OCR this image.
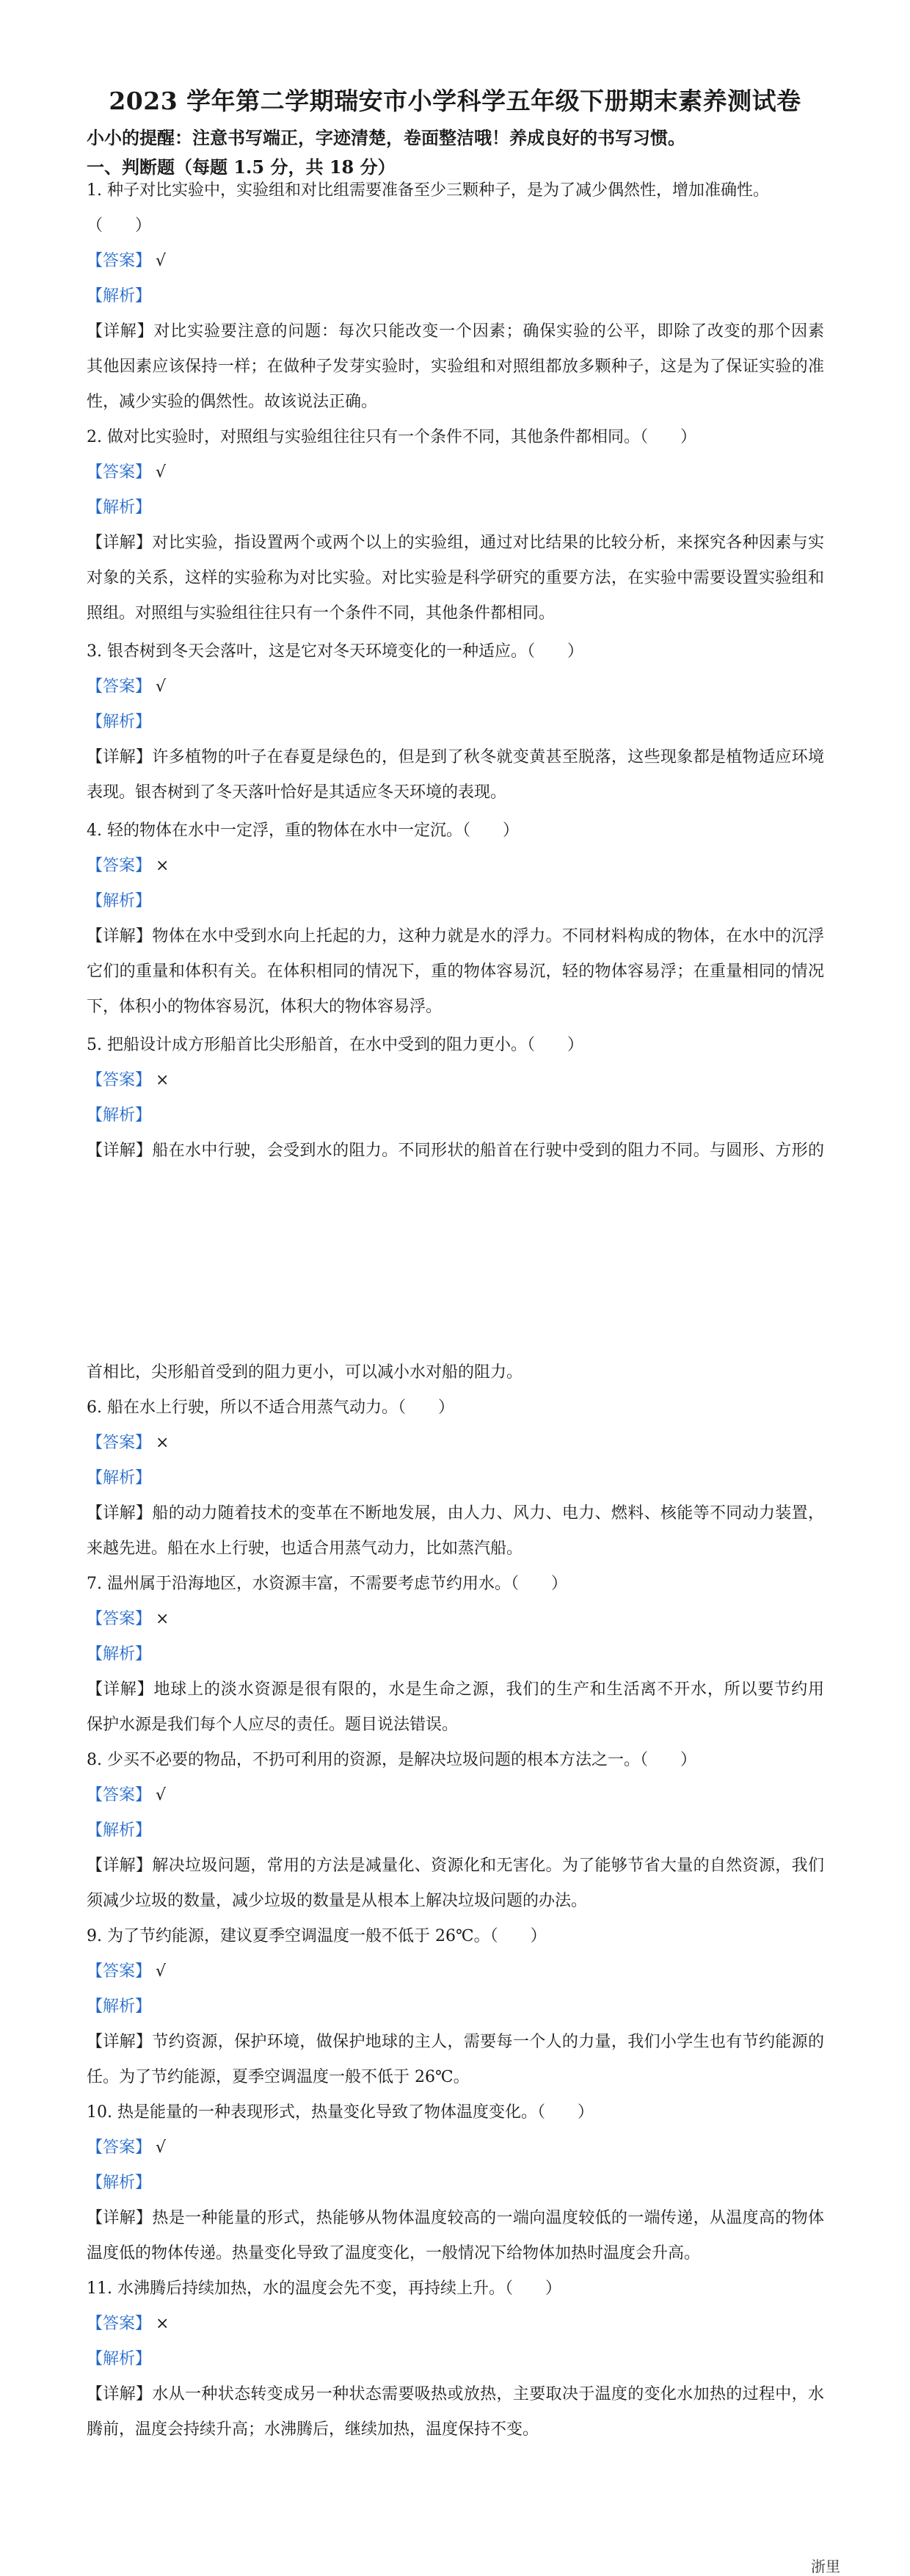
2023 学年第二学期瑞安市小学科学五年级下册期末素养测试卷
小小的提醒：注意书写端正，字迹清楚，卷面整洁哦！养成良好的书写习惯。
一、判断题（每题 1.5 分，共 18 分）
1. 种子对比实验中，实验组和对比组需要准备至少三颗种子，是为了减少偶然性，增加准确性。
（　　）
【答案】 √
【解析】
【详解】对比实验要注意的问题：每次只能改变一个因素；确保实验的公平，即除了改变的那个因素
其他因素应该保持一样；在做种子发芽实验时，实验组和对照组都放多颗种子，这是为了保证实验的准
性，减少实验的偶然性。故该说法正确。
2. 做对比实验时，对照组与实验组往往只有一个条件不同，其他条件都相同。（　　）
【答案】 √
【解析】
【详解】对比实验，指设置两个或两个以上的实验组，通过对比结果的比较分析，来探究各种因素与实
对象的关系，这样的实验称为对比实验。对比实验是科学研究的重要方法，在实验中需要设置实验组和
照组。对照组与实验组往往只有一个条件不同，其他条件都相同。
3. 银杏树到冬天会落叶，这是它对冬天环境变化的一种适应。（　　）
【答案】 √
【解析】
【详解】许多植物的叶子在春夏是绿色的，但是到了秋冬就变黄甚至脱落，这些现象都是植物适应环境
表现。银杏树到了冬天落叶恰好是其适应冬天环境的表现。
4. 轻的物体在水中一定浮，重的物体在水中一定沉。（　　）
【答案】 ×
【解析】
【详解】物体在水中受到水向上托起的力，这种力就是水的浮力。不同材料构成的物体，在水中的沉浮
它们的重量和体积有关。在体积相同的情况下，重的物体容易沉，轻的物体容易浮；在重量相同的情况
下，体积小的物体容易沉，体积大的物体容易浮。
5. 把船设计成方形船首比尖形船首，在水中受到的阻力更小。（　　）
【答案】 ×
【解析】
【详解】船在水中行驶，会受到水的阻力。不同形状的船首在行驶中受到的阻力不同。与圆形、方形的
首相比，尖形船首受到的阻力更小，可以减小水对船的阻力。
6. 船在水上行驶，所以不适合用蒸气动力。（　　）
【答案】 ×
【解析】
【详解】船的动力随着技术的变革在不断地发展，由人力、风力、电力、燃料、核能等不同动力装置，
来越先进。船在水上行驶，也适合用蒸气动力，比如蒸汽船。
7. 温州属于沿海地区，水资源丰富，不需要考虑节约用水。（　　）
【答案】 ×
【解析】
【详解】地球上的淡水资源是很有限的，水是生命之源，我们的生产和生活离不开水，所以要节约用
保护水源是我们每个人应尽的责任。题目说法错误。
8. 少买不必要的物品，不扔可利用的资源，是解决垃圾问题的根本方法之一。（　　）
【答案】 √
【解析】
【详解】解决垃圾问题，常用的方法是减量化、资源化和无害化。为了能够节省大量的自然资源，我们
须减少垃圾的数量，减少垃圾的数量是从根本上解决垃圾问题的办法。
9. 为了节约能源，建议夏季空调温度一般不低于 26℃。（　　）
【答案】 √
【解析】
【详解】节约资源，保护环境，做保护地球的主人，需要每一个人的力量，我们小学生也有节约能源的
任。为了节约能源，夏季空调温度一般不低于 26℃。
10. 热是能量的一种表现形式，热量变化导致了物体温度变化。（　　）
【答案】 √
【解析】
【详解】热是一种能量的形式，热能够从物体温度较高的一端向温度较低的一端传递，从温度高的物体
温度低的物体传递。热量变化导致了温度变化，一般情况下给物体加热时温度会升高。
11. 水沸腾后持续加热，水的温度会先不变，再持续上升。（　　）
【答案】 ×
【解析】
【详解】水从一种状态转变成另一种状态需要吸热或放热，主要取决于温度的变化水加热的过程中，水
腾前，温度会持续升高；水沸腾后，继续加热，温度保持不变。
浙里
